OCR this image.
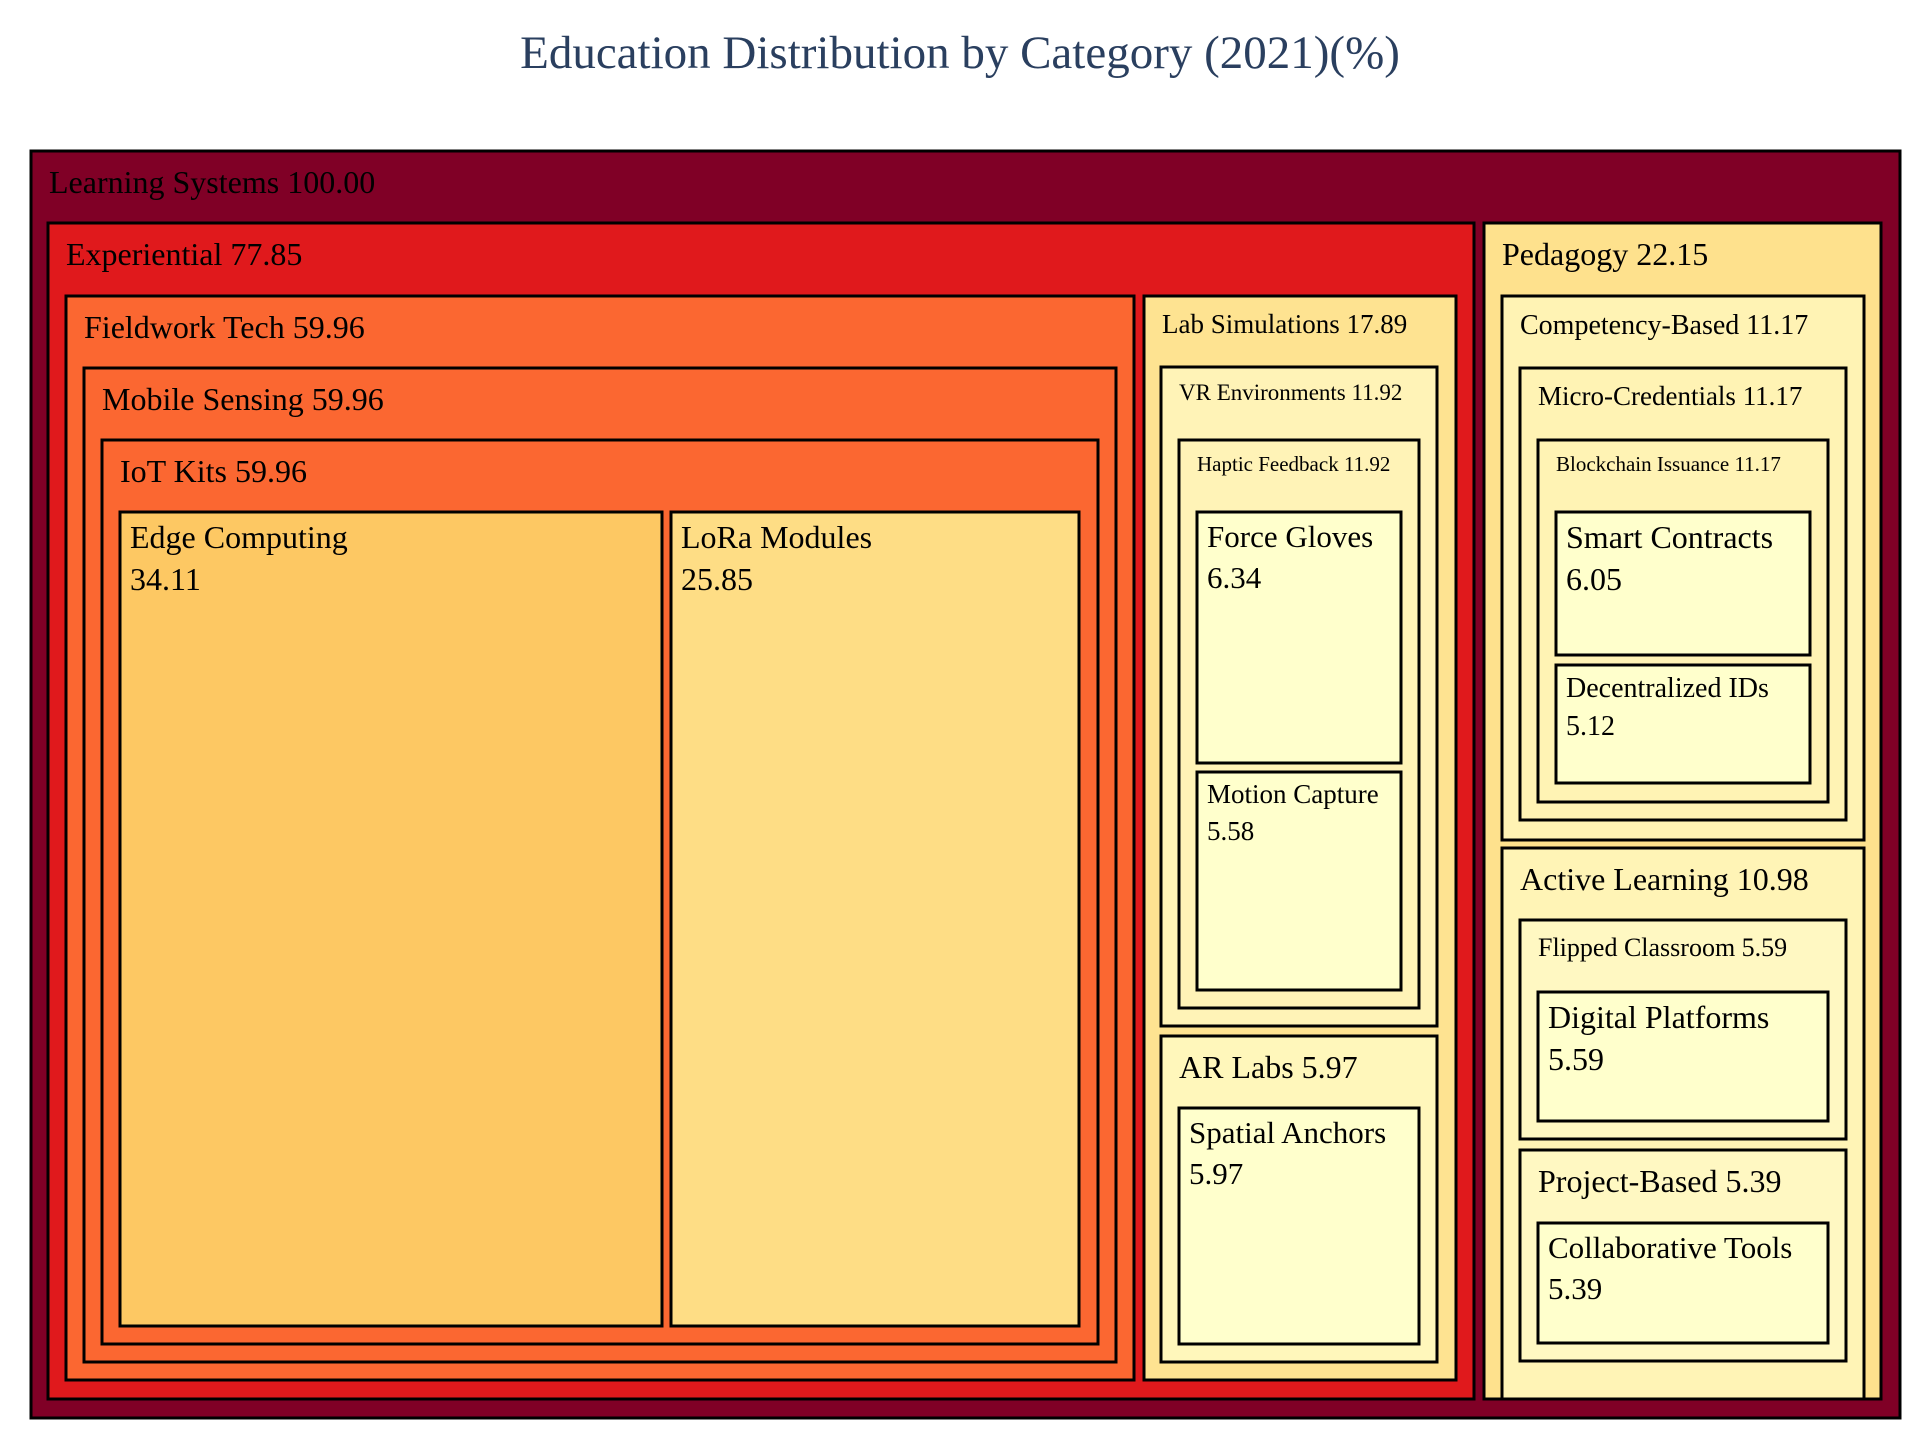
Education Distribution by Category (2021)(%)
Learning Systems 100.00
Experiential 77.85
Fieldwork Tech 59.96
Mobile Sensing 59.96
IoT Kits 59.96
Edge Computing
34.11
LoRa Modules
25.85
Lab Simulations 17.89
VR Environments 11.92
Haptic Feedback 11.92
Force Gloves
6.34
Motion Capture
5.58
AR Labs 5.97
Spatial Anchors
5.97
Pedagogy 22.15
Competency-Based 11.17
Micro-Credentials 11.17
Blockchain Issuance 11.17
Smart Contracts
6.05
Decentralized IDs
5.12
Active Learning 10.98
Flipped Classroom 5.59
Digital Platforms
5.59
Project-Based 5.39
Collaborative Tools
5.39
